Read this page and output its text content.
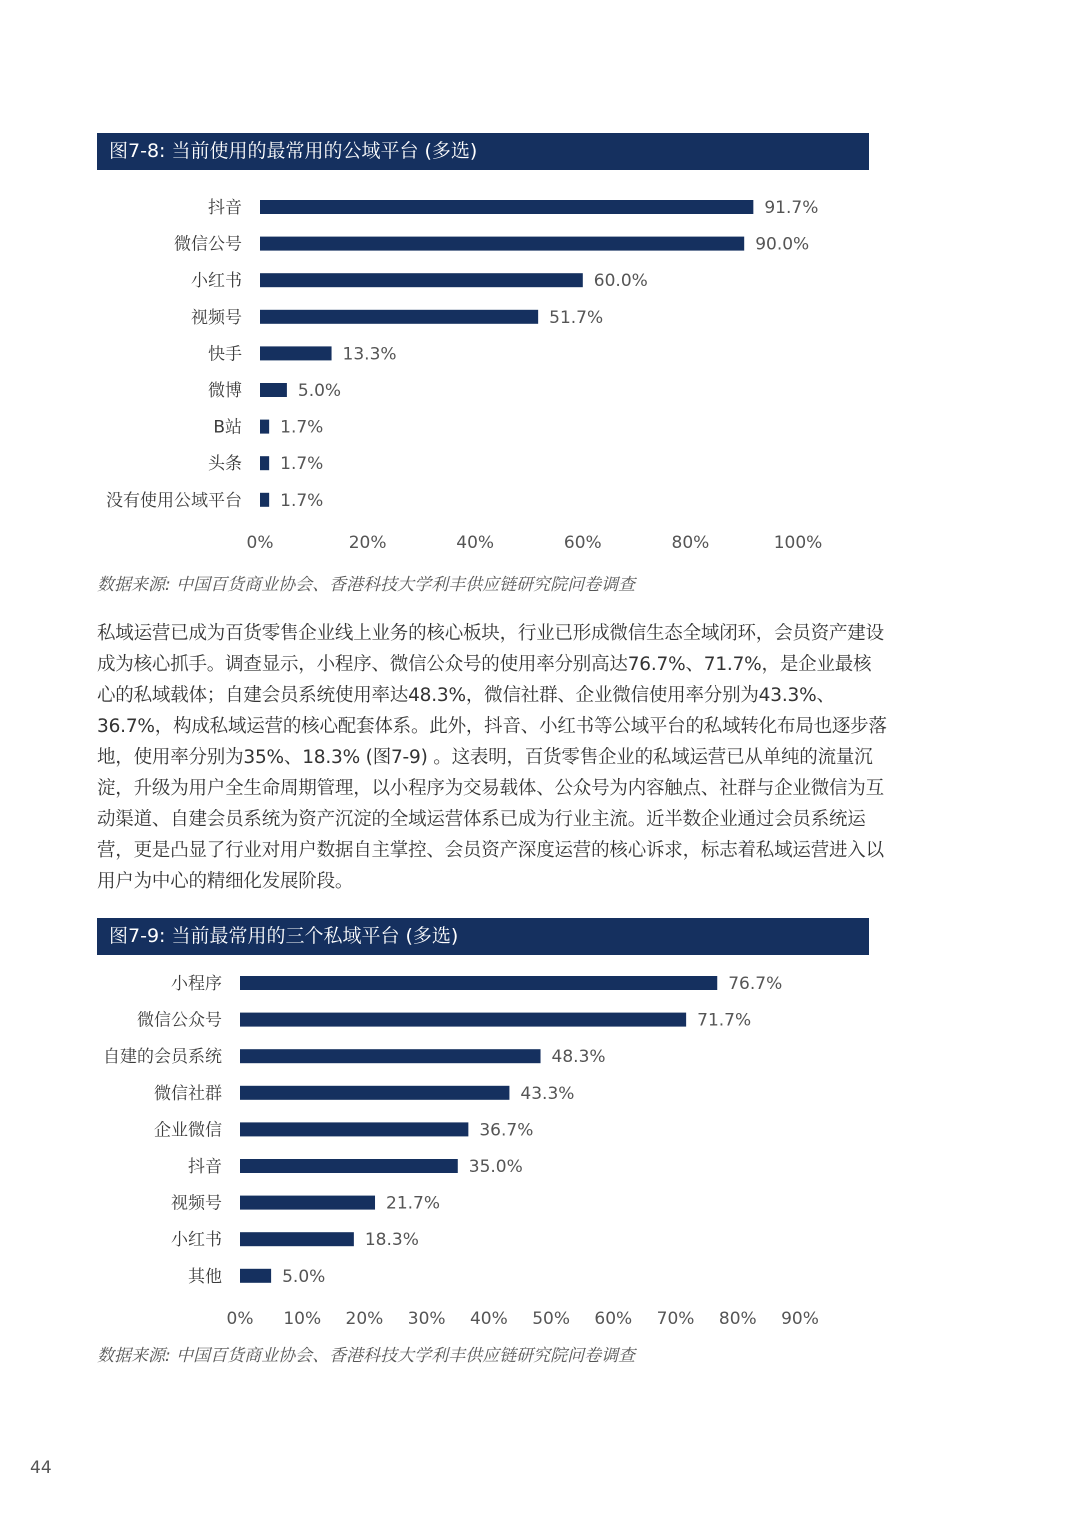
图7-8: 当前使用的最常用的公域平台 (多选)
抖音	91.7%
微信公号	90.0%
小红书	60.0%
视频号	51.7%
快手	13.3%
微博	5.0%
B站 1.7%
头条 1.7%
没有使用公域平台 1.7%
0%	20%	40%	60%	80%	100%
数据来源: 中国百货商业协会、香港科技大学利丰供应链研究院问卷调查
私域运营已成为百货零售企业线上业务的核心板块，行业已形成微信生态全域闭环，会员资产建设成为核心抓手。调查显示，小程序、微信公众号的使用率分别高达76.7%、71.7%，是企业最核心的私域载体；自建会员系统使用率达48.3%，微信社群、企业微信使用率分别为43.3%、36.7%，构成私域运营的核心配套体系。此外，抖音、小红书等公域平台的私域转化布局也逐步落地，使用率分别为35%、18.3% (图7-9) 。这表明，百货零售企业的私域运营已从单纯的流量沉淀，升级为用户全生命周期管理，以小程序为交易载体、公众号为内容触点、社群与企业微信为互动渠道、自建会员系统为资产沉淀的全域运营体系已成为行业主流。近半数企业通过会员系统运营，更是凸显了行业对用户数据自主掌控、会员资产深度运营的核心诉求，标志着私域运营进入以用户为中心的精细化发展阶段。
图7-9: 当前最常用的三个私域平台 (多选)
小程序	76.7%
微信公众号	71.7%
自建的会员系统	48.3%
微信社群	43.3%
企业微信	36.7%
抖音	35.0%
视频号	21.7%
小红书	18.3%
其他	5.0%
0% 10% 20% 30% 40% 50% 60% 70% 80% 90%
数据来源: 中国百货商业协会、香港科技大学利丰供应链研究院问卷调查
44
